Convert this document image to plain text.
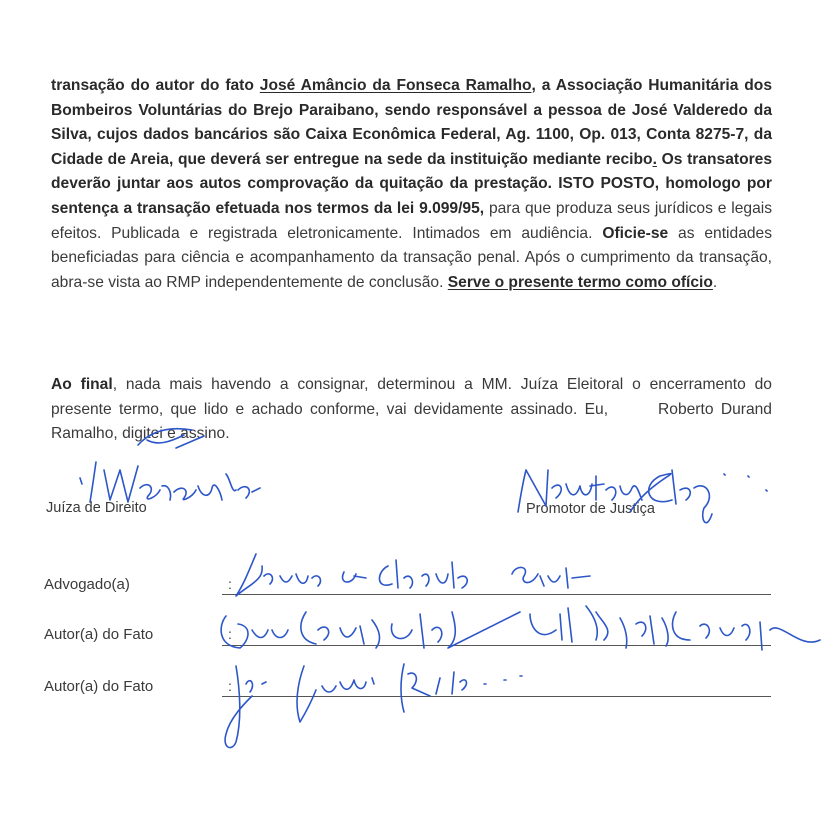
transação do autor do fato José Amâncio da Fonseca Ramalho, a Associação Humanitária dos Bombeiros Voluntárias do Brejo Paraibano, sendo responsável a pessoa de José Valderedo da Silva, cujos dados bancários são Caixa Econômica Federal, Ag. 1100, Op. 013, Conta 8275-7, da Cidade de Areia, que deverá ser entregue na sede da instituição mediante recibo. Os transatores deverão juntar aos autos comprovação da quitação da prestação. ISTO POSTO, homologo por sentença a transação efetuada nos termos da lei 9.099/95, para que produza seus jurídicos e legais efeitos. Publicada e registrada eletronicamente. Intimados em audiência. Oficie-se as entidades beneficiadas para ciência e acompanhamento da transação penal. Após o cumprimento da transação, abra-se vista ao RMP independentemente de conclusão. Serve o presente termo como ofício.
Ao final, nada mais havendo a consignar, determinou a MM. Juíza Eleitoral o encerramento do presente termo, que lido e achado conforme, vai devidamente assinado. Eu,	Roberto Durand Ramalho, digitei e assino.
Juíza de Direito	Promotor de Justiça
Advogado(a)	:
Autor(a) do Fato	:
Autor(a) do Fato	:
